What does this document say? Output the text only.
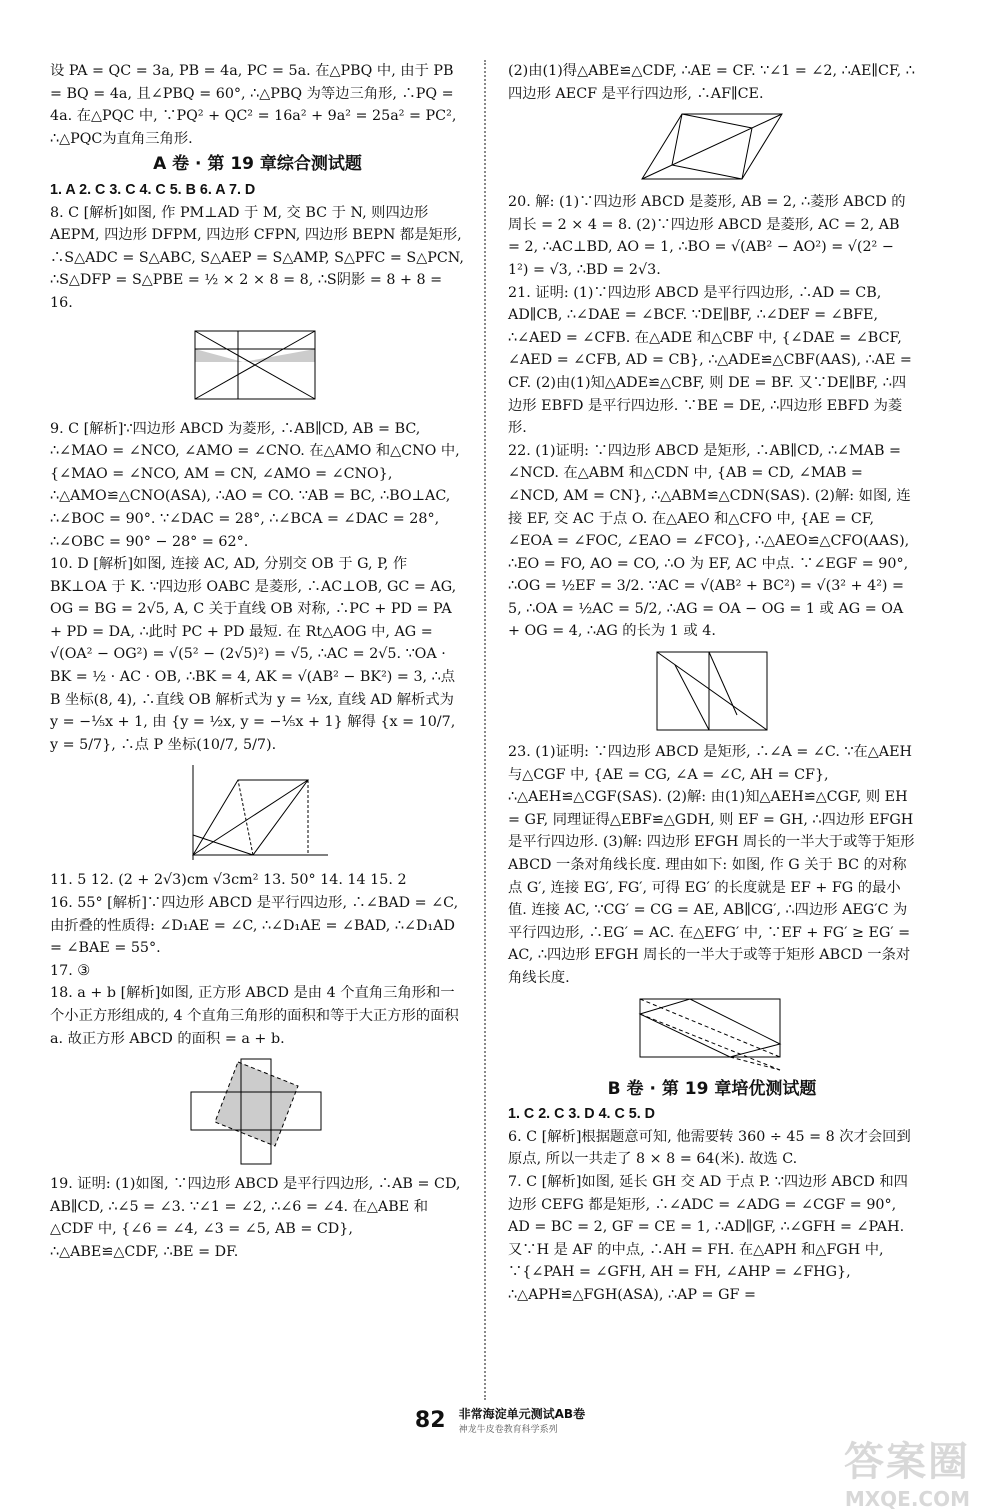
设 PA = QC = 3a, PB = 4a, PC = 5a. 在△PBQ 中, 由于 PB = BQ = 4a, 且∠PBQ = 60°, ∴△PBQ 为等边三角形, ∴PQ = 4a. 在△PQC 中, ∵PQ² + QC² = 16a² + 9a² = 25a² = PC², ∴△PQC为直角三角形.

A 卷 · 第 19 章综合测试题

1. A 2. C 3. C 4. C 5. B 6. A 7. D

8. C [解析]如图, 作 PM⊥AD 于 M, 交 BC 于 N, 则四边形 AEPM, 四边形 DFPM, 四边形 CFPN, 四边形 BEPN 都是矩形, ∴S△ADC = S△ABC, S△AEP = S△AMP, S△PFC = S△PCN, ∴S△DFP = S△PBE = ½ × 2 × 8 = 8, ∴S阴影 = 8 + 8 = 16.

9. C [解析]∵四边形 ABCD 为菱形, ∴AB∥CD, AB = BC, ∴∠MAO = ∠NCO, ∠AMO = ∠CNO. 在△AMO 和△CNO 中, {∠MAO = ∠NCO, AM = CN, ∠AMO = ∠CNO}, ∴△AMO≌△CNO(ASA), ∴AO = CO. ∵AB = BC, ∴BO⊥AC, ∴∠BOC = 90°. ∵∠DAC = 28°, ∴∠BCA = ∠DAC = 28°, ∴∠OBC = 90° − 28° = 62°.

10. D [解析]如图, 连接 AC, AD, 分别交 OB 于 G, P, 作 BK⊥OA 于 K. ∵四边形 OABC 是菱形, ∴AC⊥OB, GC = AG, OG = BG = 2√5, A, C 关于直线 OB 对称, ∴PC + PD = PA + PD = DA, ∴此时 PC + PD 最短. 在 Rt△AOG 中, AG = √(OA² − OG²) = √(5² − (2√5)²) = √5, ∴AC = 2√5. ∵OA · BK = ½ · AC · OB, ∴BK = 4, AK = √(AB² − BK²) = 3, ∴点 B 坐标(8, 4), ∴直线 OB 解析式为 y = ½x, 直线 AD 解析式为 y = −⅕x + 1, 由 {y = ½x, y = −⅕x + 1} 解得 {x = 10/7, y = 5/7}, ∴点 P 坐标(10/7, 5/7).

11. 5 12. (2 + 2√3)cm √3cm² 13. 50° 14. 14 15. 2

16. 55° [解析]∵四边形 ABCD 是平行四边形, ∴∠BAD = ∠C, 由折叠的性质得: ∠D₁AE = ∠C, ∴∠D₁AE = ∠BAD, ∴∠D₁AD = ∠BAE = 55°.

17. ③

18. a + b [解析]如图, 正方形 ABCD 是由 4 个直角三角形和一个小正方形组成的, 4 个直角三角形的面积和等于大正方形的面积 a. 故正方形 ABCD 的面积 = a + b.

19. 证明: (1)如图, ∵四边形 ABCD 是平行四边形, ∴AB = CD, AB∥CD, ∴∠5 = ∠3. ∵∠1 = ∠2, ∴∠6 = ∠4. 在△ABE 和△CDF 中, {∠6 = ∠4, ∠3 = ∠5, AB = CD}, ∴△ABE≌△CDF, ∴BE = DF.

(2)由(1)得△ABE≌△CDF, ∴AE = CF. ∵∠1 = ∠2, ∴AE∥CF, ∴四边形 AECF 是平行四边形, ∴AF∥CE.

20. 解: (1)∵四边形 ABCD 是菱形, AB = 2, ∴菱形 ABCD 的周长 = 2 × 4 = 8. (2)∵四边形 ABCD 是菱形, AC = 2, AB = 2, ∴AC⊥BD, AO = 1, ∴BO = √(AB² − AO²) = √(2² − 1²) = √3, ∴BD = 2√3.

21. 证明: (1)∵四边形 ABCD 是平行四边形, ∴AD = CB, AD∥CB, ∴∠DAE = ∠BCF. ∵DE∥BF, ∴∠DEF = ∠BFE, ∴∠AED = ∠CFB. 在△ADE 和△CBF 中, {∠DAE = ∠BCF, ∠AED = ∠CFB, AD = CB}, ∴△ADE≌△CBF(AAS), ∴AE = CF. (2)由(1)知△ADE≌△CBF, 则 DE = BF. 又∵DE∥BF, ∴四边形 EBFD 是平行四边形. ∵BE = DE, ∴四边形 EBFD 为菱形.

22. (1)证明: ∵四边形 ABCD 是矩形, ∴AB∥CD, ∴∠MAB = ∠NCD. 在△ABM 和△CDN 中, {AB = CD, ∠MAB = ∠NCD, AM = CN}, ∴△ABM≌△CDN(SAS). (2)解: 如图, 连接 EF, 交 AC 于点 O. 在△AEO 和△CFO 中, {AE = CF, ∠EOA = ∠FOC, ∠EAO = ∠FCO}, ∴△AEO≌△CFO(AAS), ∴EO = FO, AO = CO, ∴O 为 EF, AC 中点. ∵∠EGF = 90°, ∴OG = ½EF = 3/2. ∵AC = √(AB² + BC²) = √(3² + 4²) = 5, ∴OA = ½AC = 5/2, ∴AG = OA − OG = 1 或 AG = OA + OG = 4, ∴AG 的长为 1 或 4.

23. (1)证明: ∵四边形 ABCD 是矩形, ∴∠A = ∠C. ∵在△AEH 与△CGF 中, {AE = CG, ∠A = ∠C, AH = CF}, ∴△AEH≌△CGF(SAS). (2)解: 由(1)知△AEH≌△CGF, 则 EH = GF, 同理证得△EBF≌△GDH, 则 EF = GH, ∴四边形 EFGH 是平行四边形. (3)解: 四边形 EFGH 周长的一半大于或等于矩形 ABCD 一条对角线长度. 理由如下: 如图, 作 G 关于 BC 的对称点 G′, 连接 EG′, FG′, 可得 EG′ 的长度就是 EF + FG 的最小值. 连接 AC, ∵CG′ = CG = AE, AB∥CG′, ∴四边形 AEG′C 为平行四边形, ∴EG′ = AC. 在△EFG′ 中, ∵EF + FG′ ≥ EG′ = AC, ∴四边形 EFGH 周长的一半大于或等于矩形 ABCD 一条对角线长度.

B 卷 · 第 19 章培优测试题

1. C 2. C 3. D 4. C 5. D

6. C [解析]根据题意可知, 他需要转 360 ÷ 45 = 8 次才会回到原点, 所以一共走了 8 × 8 = 64(米). 故选 C.

7. C [解析]如图, 延长 GH 交 AD 于点 P. ∵四边形 ABCD 和四边形 CEFG 都是矩形, ∴∠ADC = ∠ADG = ∠CGF = 90°, AD = BC = 2, GF = CE = 1, ∴AD∥GF, ∴∠GFH = ∠PAH. 又∵H 是 AF 的中点, ∴AH = FH. 在△APH 和△FGH 中, ∵{∠PAH = ∠GFH, AH = FH, ∠AHP = ∠FHG}, ∴△APH≌△FGH(ASA), ∴AP = GF =

82 非常海淀单元测试AB卷
神龙牛皮卷教育科学系列
答案圈
MXQE.COM
